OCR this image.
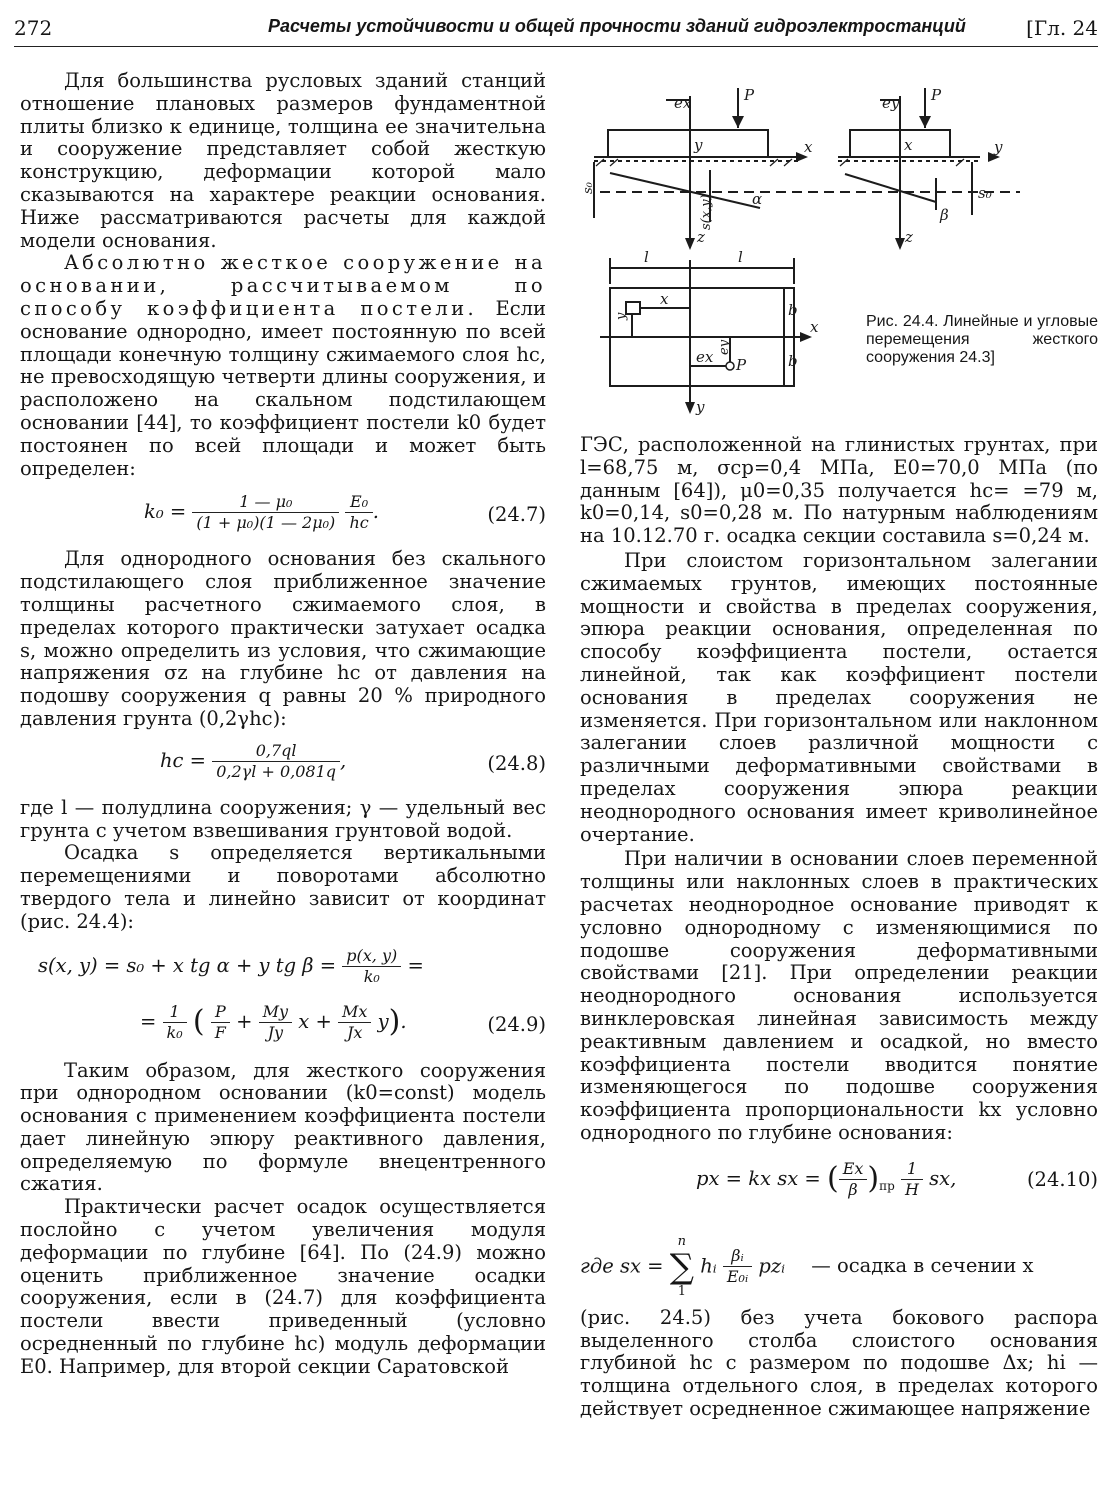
272	Расчеты устойчивости и общей прочности зданий гидроэлектростанций	[Гл. 24

Для большинства русловых зданий станций отношение плановых размеров фундаментной плиты близко к единице, толщина ее значительна и сооружение представляет собой жесткую конструкцию, деформации которой мало сказываются на характере реакции основания. Ниже рассматриваются расчеты для каждой модели основания.

Абсолютно жесткое сооружение на основании, рассчитываемом по способу коэффициента постели. Если основание однородно, имеет постоянную по всей площади конечную толщину сжимаемого слоя hс, не превосходящую четверти длины сооружения, и расположено на скальном подстилающем основании [44], то коэффициент постели k0 будет постоянен по всей площади и может быть определен:

$k_0 = \frac{\text{1 — μ₀}}{\text{(1 + μ₀)(1 — 2μ₀)}}$
$\frac{\text{E₀}}{hс}$ .	(24.7)

Для однородного основания без скального подстилающего слоя приближенное значение толщины расчетного сжимаемого слоя, в пределах которого практически затухает осадка s, можно определить из условия, что сжимающие напряжения σz на глубине hс от давления на подошву сооружения q равны 20 % природного давления грунта (0,2γhс):

hс = $\frac{0,7ql}{0,2\gamma l + 0,081q}$ ,	(24.8)

где l — полудлина сооружения; γ — удельный вес грунта с учетом взвешивания грунтовой водой.

Осадка s определяется вертикальными перемещениями и поворотами абсолютно твердого тела и линейно зависит от координат (рис. 24.4):

s(x, y) = s₀ + x tg α + y tg $\beta = \frac{p(x, y)}{\text{k₀}}$ =
= $\frac{1}{\text{k₀}}$ ( $\frac{P}{F} + \frac{My}{Jy}$ $x + \frac{Mx}{Jx} y$).	(24.9)

Таким образом, для жесткого сооружения при однородном основании (k0=const) модель основания с применением коэффициента постели дает линейную эпюру реактивного давления, определяемую по формуле внецентренного сжатия.

Практически расчет осадок осуществляется послойно с учетом увеличения модуля деформации по глубине [64]. По (24.9) можно оценить приближенное значение осадки сооружения, если в (24.7) для коэффициента постели ввести приведенный (условно осредненный по глубине hс) модуль деформации E0. Например, для второй секции Саратовской

ex	P
x
y
z
α
ey P
y
x
z
β
s₀
l	l
b
b
x
x
ex P
y
s(x,y)
s₀
y
ey
Рис. 24.4. Линейные и угловые перемещения жесткого сооружения 24.3]

ГЭС, расположенной на глинистых грунтах, при l=68,75 м, σср=0,4 МПа, E0=70,0 МПа (по данным [64]), μ0=0,35 получается hс= =79 м, k0=0,14, s0=0,28 м. По натурным наблюдениям на 10.12.70 г. осадка секции составила s=0,24 м.

При слоистом горизонтальном залегании сжимаемых грунтов, имеющих постоянные мощности и свойства в пределах сооружения, эпюра реакции основания, определенная по способу коэффициента постели, остается линейной, так как коэффициент постели основания в пределах сооружения не изменяется. При горизонтальном или наклонном залегании слоев различной мощности с различными деформативными свойствами в пределах сооружения эпюра реакции неоднородного основания имеет криволинейное очертание.

При наличии в основании слоев переменной толщины или наклонных слоев в практических расчетах неоднородное основание приводят к условно однородному с изменяющимися по подошве сооружения деформативными свойствами [21]. При определении реакции неоднородного основания используется винклеровская линейная зависимость между реактивным давлением и осадкой, но вместо коэффициента постели вводится понятие изменяющегося по подошве сооружения коэффициента пропорциональности kx условно однородного по глубине основания:

px = kx sx = ( $\frac{Ex}{\beta} )_{пр} \frac{1}{H}$ sx,	(24.10)
где sx =
n
∑
1
hᵢ $\frac{\text{βᵢ}}{\text{E₀ᵢ}}$ pzᵢ — осадка в сечении x

(рис. 24.5) без учета бокового распора выделенного столба слоистого основания глубиной hс с размером по подошве Δx; hi — толщина отдельного слоя, в пределах которого действует осредненное сжимающее напряжение
